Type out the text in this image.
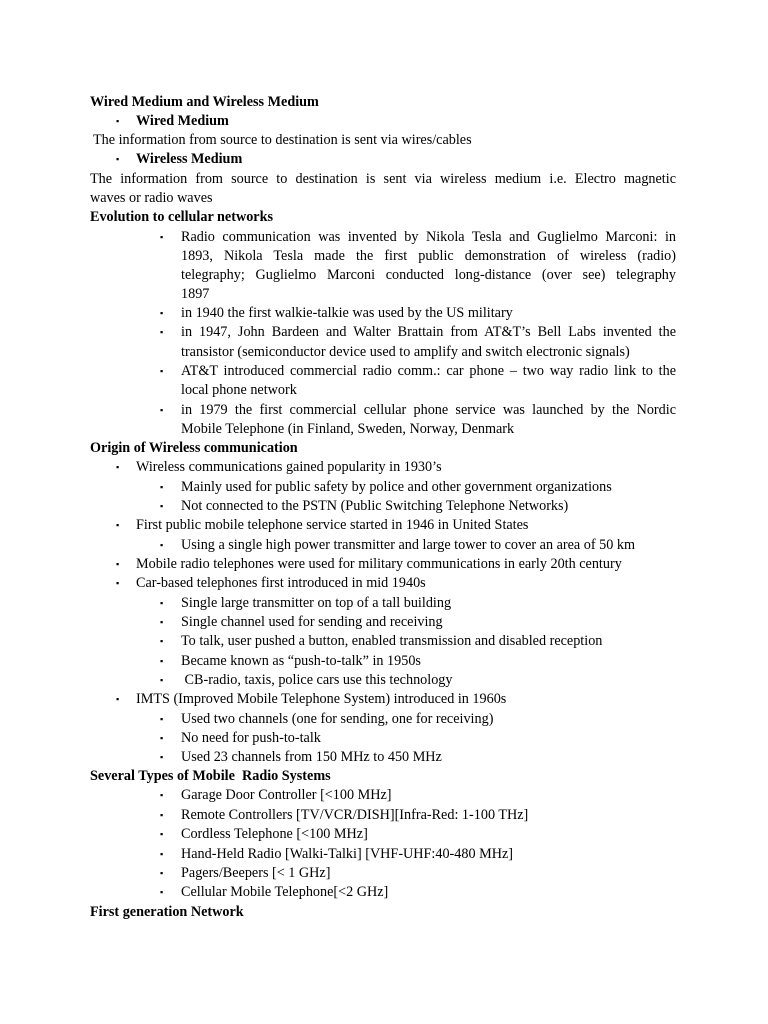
Wired Medium and Wireless Medium
▪ Wired Medium
The information from source to destination is sent via wires/cables
▪ Wireless Medium
The information from source to destination is sent via wireless medium i.e. Electro magnetic
waves or radio waves
Evolution to cellular networks
▪ Radio communication was invented by Nikola Tesla and Guglielmo Marconi: in
1893, Nikola Tesla made the first public demonstration of wireless (radio)
telegraphy; Guglielmo Marconi conducted long-distance (over see) telegraphy
1897
▪ in 1940 the first walkie-talkie was used by the US military
▪ in 1947, John Bardeen and Walter Brattain from AT&T’s Bell Labs invented the
transistor (semiconductor device used to amplify and switch electronic signals)
▪ AT&T introduced commercial radio comm.: car phone – two way radio link to the
local phone network
▪ in 1979 the first commercial cellular phone service was launched by the Nordic
Mobile Telephone (in Finland, Sweden, Norway, Denmark
Origin of Wireless communication
▪ Wireless communications gained popularity in 1930’s
▪ Mainly used for public safety by police and other government organizations
▪ Not connected to the PSTN (Public Switching Telephone Networks)
▪ First public mobile telephone service started in 1946 in United States
▪ Using a single high power transmitter and large tower to cover an area of 50 km
▪ Mobile radio telephones were used for military communications in early 20th century
▪ Car-based telephones first introduced in mid 1940s
▪ Single large transmitter on top of a tall building
▪ Single channel used for sending and receiving
▪ To talk, user pushed a button, enabled transmission and disabled reception
▪ Became known as “push-to-talk” in 1950s
▪ CB-radio, taxis, police cars use this technology
▪ IMTS (Improved Mobile Telephone System) introduced in 1960s
▪ Used two channels (one for sending, one for receiving)
▪ No need for push-to-talk
▪ Used 23 channels from 150 MHz to 450 MHz
Several Types of Mobile  Radio Systems
▪ Garage Door Controller [<100 MHz]
▪ Remote Controllers [TV/VCR/DISH][Infra-Red: 1-100 THz]
▪ Cordless Telephone [<100 MHz]
▪ Hand-Held Radio [Walki-Talki] [VHF-UHF:40-480 MHz]
▪ Pagers/Beepers [< 1 GHz]
▪ Cellular Mobile Telephone[<2 GHz]
First generation Network
